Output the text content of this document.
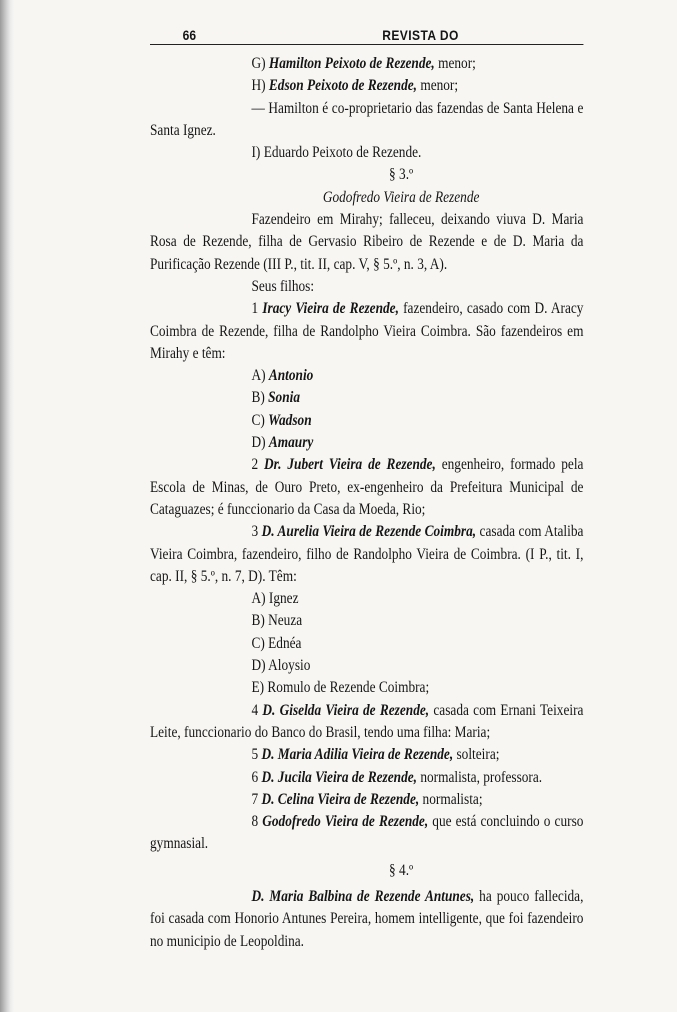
66	REVISTA DO

G) Hamilton Peixoto de Rezende, menor;

H) Edson Peixoto de Rezende, menor;

— Hamilton é co-proprietario das fazendas de Santa Helena e Santa Ignez.

I) Eduardo Peixoto de Rezende.

§ 3.º

Godofredo Vieira de Rezende

Fazendeiro em Mirahy; falleceu, deixando viuva D. Maria Rosa de Rezende, filha de Gervasio Ribeiro de Rezende e de D. Maria da Purificação Rezende (III P., tit. II, cap. V, § 5.º, n. 3, A).

Seus filhos:

1 Iracy Vieira de Rezende, fazendeiro, casado com D. Aracy Coimbra de Rezende, filha de Randolpho Vieira Coimbra. São fazendeiros em Mirahy e têm:

A) Antonio

B) Sonia

C) Wadson

D) Amaury

2 Dr. Jubert Vieira de Rezende, engenheiro, formado pela Escola de Minas, de Ouro Preto, ex-engenheiro da Prefeitura Municipal de Cataguazes; é funccionario da Casa da Moeda, Rio;

3 D. Aurelia Vieira de Rezende Coimbra, casada com Ataliba Vieira Coimbra, fazendeiro, filho de Randolpho Vieira de Coimbra. (I P., tit. I, cap. II, § 5.º, n. 7, D). Têm:

A) Ignez

B) Neuza

C) Ednéa

D) Aloysio

E) Romulo de Rezende Coimbra;

4 D. Giselda Vieira de Rezende, casada com Ernani Teixeira Leite, funccionario do Banco do Brasil, tendo uma filha: Maria;

5 D. Maria Adilia Vieira de Rezende, solteira;

6 D. Jucila Vieira de Rezende, normalista, professora.

7 D. Celina Vieira de Rezende, normalista;

8 Godofredo Vieira de Rezende, que está concluindo o curso gymnasial.

§ 4.º

D. Maria Balbina de Rezende Antunes, ha pouco fallecida, foi casada com Honorio Antunes Pereira, homem intelligente, que foi fazendeiro no municipio de Leopoldina.
